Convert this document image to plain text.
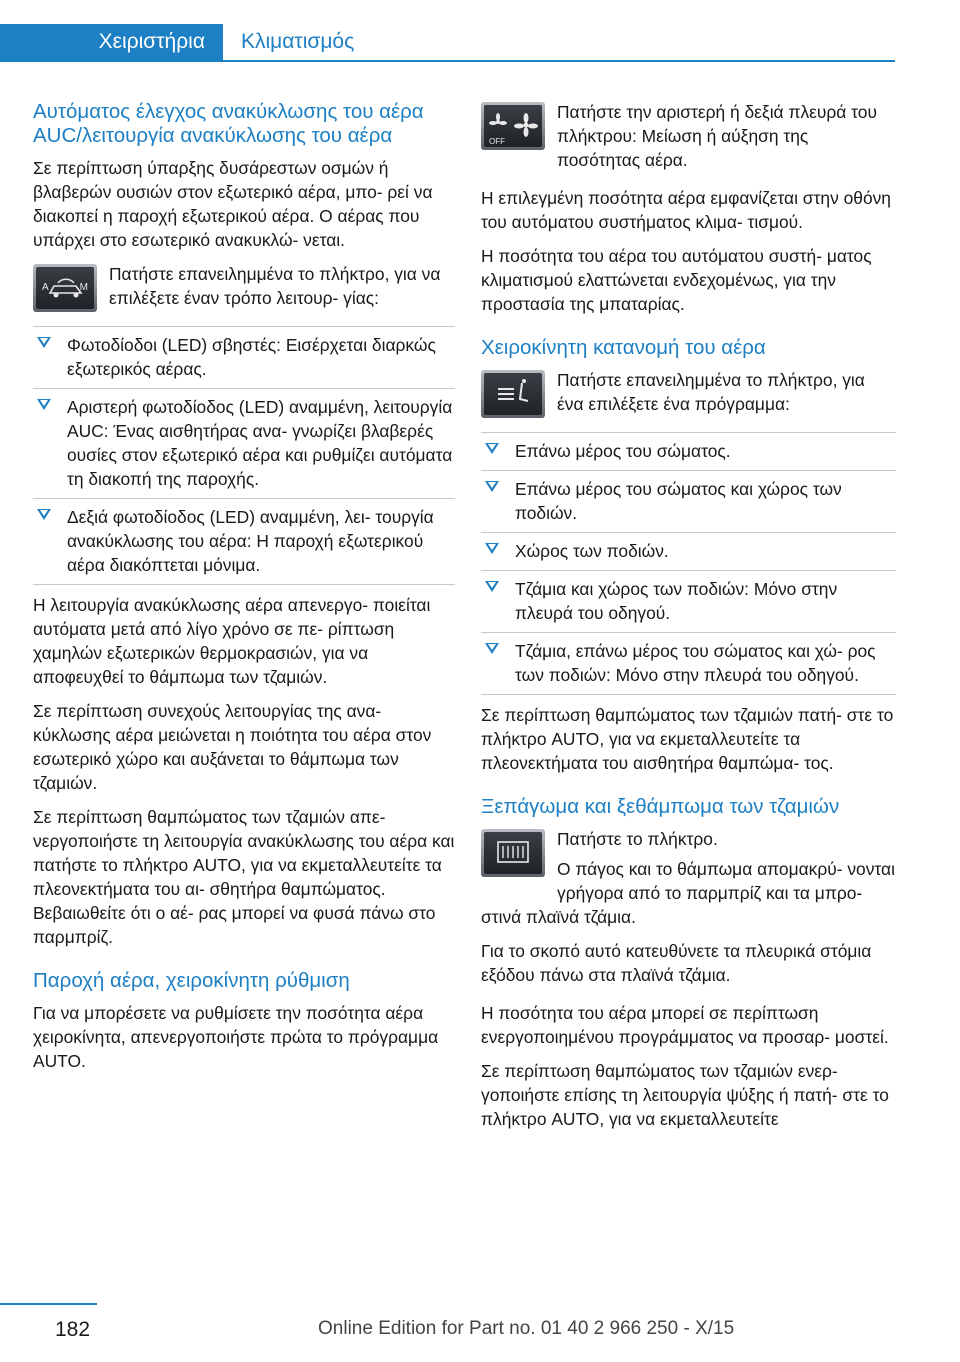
Χειριστήρια Κλιματισμός
Αυτόματος έλεγχος ανακύκλωσης του αέρα AUC/λειτουργία ανακύκλωσης του αέρα

Σε περίπτωση ύπαρξης δυσάρεστων οσμών ή βλαβερών ουσιών στον εξωτερικό αέρα, μπο‐ ρεί να διακοπεί η παροχή εξωτερικού αέρα. Ο αέρας που υπάρχει στο εσωτερικό ανακυκλώ‐ νεται.

A	M

Πατήστε επανειλημμένα το πλήκτρο, για να επιλέξετε έναν τρόπο λειτουρ‐ γίας:

Φωτοδίοδοι (LED) σβηστές: Εισέρχεται διαρκώς εξωτερικός αέρας.
Αριστερή φωτοδίοδος (LED) αναμμένη, λειτουργία AUC: Ένας αισθητήρας ανα‐ γνωρίζει βλαβερές ουσίες στον εξωτερικό αέρα και ρυθμίζει αυτόματα τη διακοπή της παροχής.
Δεξιά φωτοδίοδος (LED) αναμμένη, λει‐ τουργία ανακύκλωσης του αέρα: Η παροχή εξωτερικού αέρα διακόπτεται μόνιμα.

Η λειτουργία ανακύκλωσης αέρα απενεργο‐ ποιείται αυτόματα μετά από λίγο χρόνο σε πε‐ ρίπτωση χαμηλών εξωτερικών θερμοκρασιών, για να αποφευχθεί το θάμπωμα των τζαμιών.

Σε περίπτωση συνεχούς λειτουργίας της ανα‐ κύκλωσης αέρα μειώνεται η ποιότητα του αέρα στον εσωτερικό χώρο και αυξάνεται το θάμπωμα των τζαμιών.

Σε περίπτωση θαμπώματος των τζαμιών απε‐ νεργοποιήστε τη λειτουργία ανακύκλωσης του αέρα και πατήστε το πλήκτρο AUTO, για να εκμεταλλευτείτε τα πλεονεκτήματα του αι‐ σθητήρα θαμπώματος. Βεβαιωθείτε ότι ο αέ‐ ρας μπορεί να φυσά πάνω στο παρμπρίζ.

Παροχή αέρα, χειροκίνητη ρύθμιση

Για να μπορέσετε να ρυθμίσετε την ποσότητα αέρα χειροκίνητα, απενεργοποιήστε πρώτα το πρόγραμμα AUTO.

OFF

Πατήστε την αριστερή ή δεξιά πλευρά του πλήκτρου: Μείωση ή αύξηση της ποσότητας αέρα.

Η επιλεγμένη ποσότητα αέρα εμφανίζεται στην οθόνη του αυτόματου συστήματος κλιμα‐ τισμού.

Η ποσότητα του αέρα του αυτόματου συστή‐ ματος κλιματισμού ελαττώνεται ενδεχομένως, για την προστασία της μπαταρίας.

Χειροκίνητη κατανομή του αέρα

Πατήστε επανειλημμένα το πλήκτρο, για ένα επιλέξετε ένα πρόγραμμα:

Επάνω μέρος του σώματος.
Επάνω μέρος του σώματος και χώρος των ποδιών.
Χώρος των ποδιών.
Τζάμια και χώρος των ποδιών: Μόνο στην πλευρά του οδηγού.
Τζάμια, επάνω μέρος του σώματος και χώ‐ ρος των ποδιών: Μόνο στην πλευρά του οδηγού.

Σε περίπτωση θαμπώματος των τζαμιών πατή‐ στε το πλήκτρο AUTO, για να εκμεταλλευτείτε τα πλεονεκτήματα του αισθητήρα θαμπώμα‐ τος.

Ξεπάγωμα και ξεθάμπωμα των τζαμιών

Πατήστε το πλήκτρο.

Ο πάγος και το θάμπωμα απομακρύ‐ νονται γρήγορα από το παρμπρίζ και τα μπρο‐ στινά πλαϊνά τζάμια.

Για το σκοπό αυτό κατευθύνετε τα πλευρικά στόμια εξόδου πάνω στα πλαϊνά τζάμια.

Η ποσότητα του αέρα μπορεί σε περίπτωση ενεργοποιημένου προγράμματος να προσαρ‐ μοστεί.

Σε περίπτωση θαμπώματος των τζαμιών ενερ‐ γοποιήστε επίσης τη λειτουργία ψύξης ή πατή‐ στε το πλήκτρο AUTO, για να εκμεταλλευτείτε

182	Online Edition for Part no. 01 40 2 966 250 - X/15
